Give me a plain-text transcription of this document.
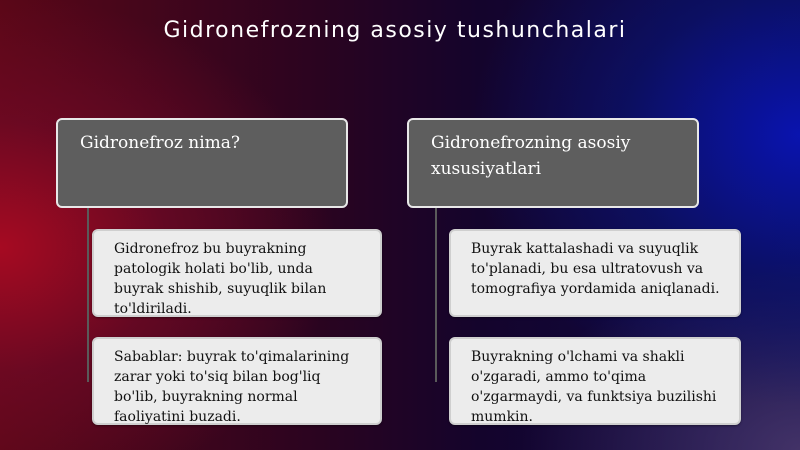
Gidronefrozning asosiy tushunchalari
Gidronefroz nima?
Gidronefroz bu buyrakning patologik holati bo'lib, unda buyrak shishib, suyuqlik bilan to'ldiriladi.
Sabablar: buyrak to'qimalarining zarar yoki to'siq bilan bog'liq bo'lib, buyrakning normal faoliyatini buzadi.
Gidronefrozning asosiy xususiyatlari
Buyrak kattalashadi va suyuqlik to'planadi, bu esa ultratovush va tomografiya yordamida aniqlanadi.
Buyrakning o'lchami va shakli o'zgaradi, ammo to'qima o'zgarmaydi, va funktsiya buzilishi mumkin.
